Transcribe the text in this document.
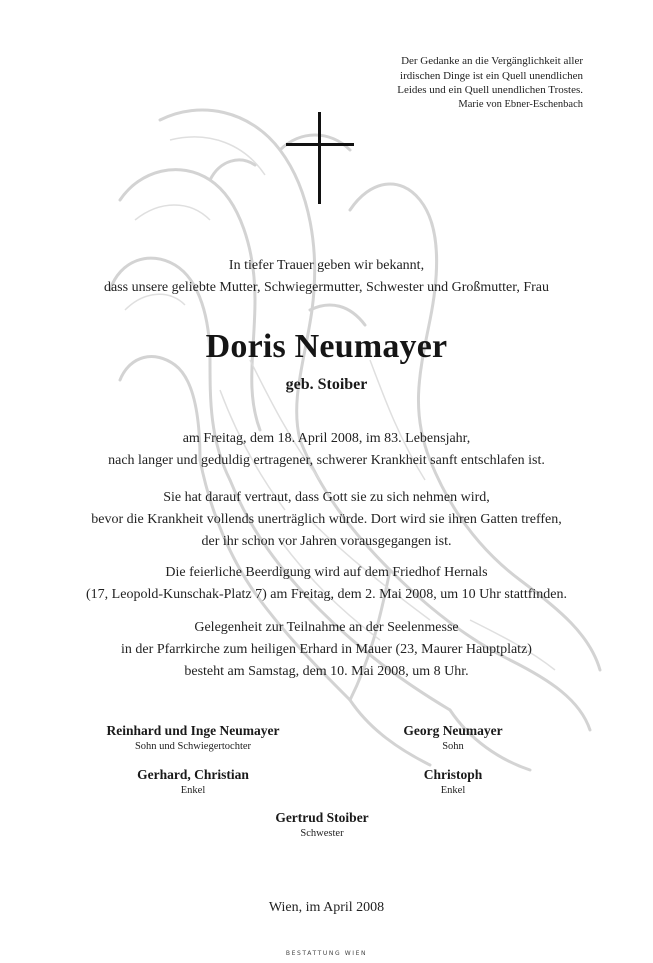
Der Gedanke an die Vergänglichkeit aller
irdischen Dinge ist ein Quell unendlichen
Leides und ein Quell unendlichen Trostes.
Marie von Ebner-Eschenbach
In tiefer Trauer geben wir bekannt,
dass unsere geliebte Mutter, Schwiegermutter, Schwester und Großmutter, Frau
Doris Neumayer
geb. Stoiber
am Freitag, dem 18. April 2008, im 83. Lebensjahr,
nach langer und geduldig ertragener, schwerer Krankheit sanft entschlafen ist.
Sie hat darauf vertraut, dass Gott sie zu sich nehmen wird,
bevor die Krankheit vollends unerträglich würde. Dort wird sie ihren Gatten treffen,
der ihr schon vor Jahren vorausgegangen ist.
Die feierliche Beerdigung wird auf dem Friedhof Hernals
(17, Leopold-Kunschak-Platz 7) am Freitag, dem 2. Mai 2008, um 10 Uhr stattfinden.
Gelegenheit zur Teilnahme an der Seelenmesse
in der Pfarrkirche zum heiligen Erhard in Mauer (23, Maurer Hauptplatz)
besteht am Samstag, dem 10. Mai 2008, um 8 Uhr.
Reinhard und Inge Neumayer
Sohn und Schwiegertochter
Georg Neumayer
Sohn
Gerhard, Christian
Enkel
Christoph
Enkel
Gertrud Stoiber
Schwester
Wien, im April 2008
BESTATTUNG WIEN
